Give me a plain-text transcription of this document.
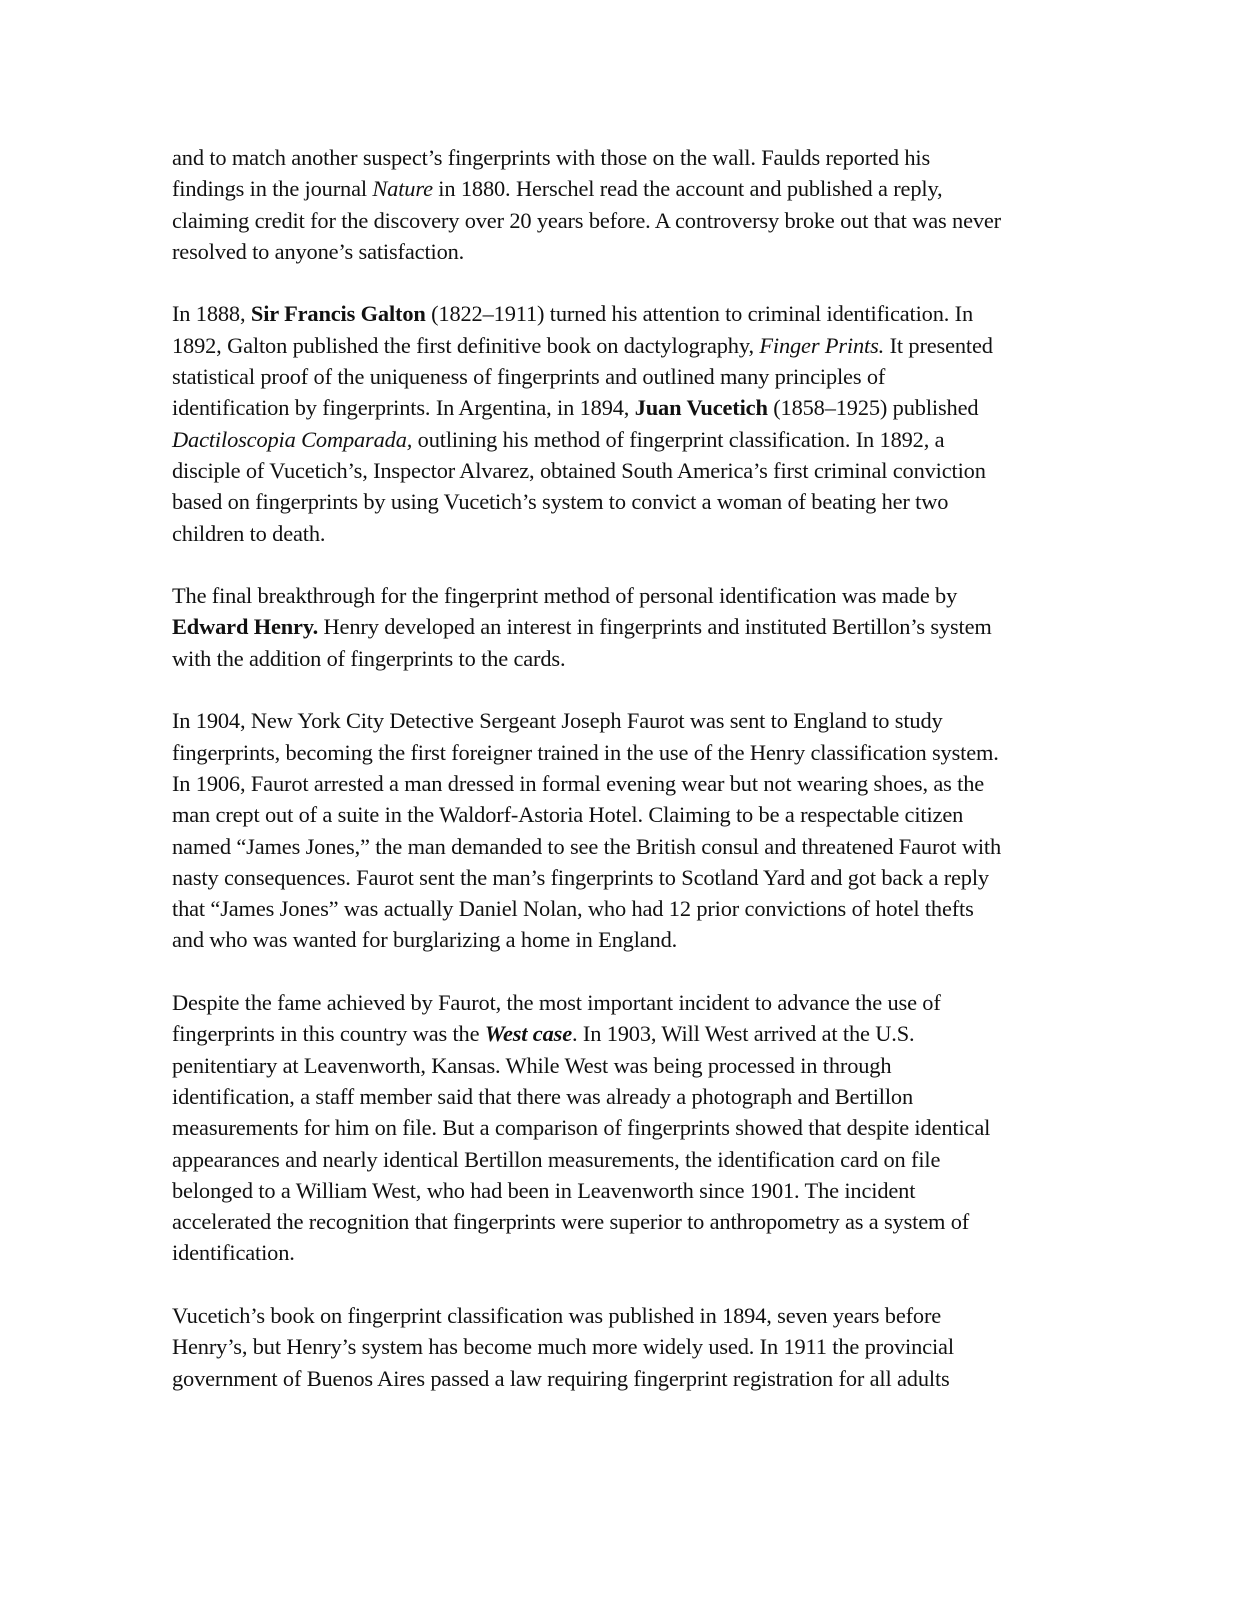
and to match another suspect’s fingerprints with those on the wall. Faulds reported his
findings in the journal Nature in 1880. Herschel read the account and published a reply,
claiming credit for the discovery over 20 years before. A controversy broke out that was never
resolved to anyone’s satisfaction.

In 1888, Sir Francis Galton (1822–1911) turned his attention to criminal identification. In
1892, Galton published the first definitive book on dactylography, Finger Prints. It presented
statistical proof of the uniqueness of fingerprints and outlined many principles of
identification by fingerprints. In Argentina, in 1894, Juan Vucetich (1858–1925) published
Dactiloscopia Comparada, outlining his method of fingerprint classification. In 1892, a
disciple of Vucetich’s, Inspector Alvarez, obtained South America’s first criminal conviction
based on fingerprints by using Vucetich’s system to convict a woman of beating her two
children to death.

The final breakthrough for the fingerprint method of personal identification was made by
Edward Henry. Henry developed an interest in fingerprints and instituted Bertillon’s system
with the addition of fingerprints to the cards.

In 1904, New York City Detective Sergeant Joseph Faurot was sent to England to study
fingerprints, becoming the first foreigner trained in the use of the Henry classification system.
In 1906, Faurot arrested a man dressed in formal evening wear but not wearing shoes, as the
man crept out of a suite in the Waldorf-Astoria Hotel. Claiming to be a respectable citizen
named “James Jones,” the man demanded to see the British consul and threatened Faurot with
nasty consequences. Faurot sent the man’s fingerprints to Scotland Yard and got back a reply
that “James Jones” was actually Daniel Nolan, who had 12 prior convictions of hotel thefts
and who was wanted for burglarizing a home in England.

Despite the fame achieved by Faurot, the most important incident to advance the use of
fingerprints in this country was the West case. In 1903, Will West arrived at the U.S.
penitentiary at Leavenworth, Kansas. While West was being processed in through
identification, a staff member said that there was already a photograph and Bertillon
measurements for him on file. But a comparison of fingerprints showed that despite identical
appearances and nearly identical Bertillon measurements, the identification card on file
belonged to a William West, who had been in Leavenworth since 1901. The incident
accelerated the recognition that fingerprints were superior to anthropometry as a system of
identification.

Vucetich’s book on fingerprint classification was published in 1894, seven years before
Henry’s, but Henry’s system has become much more widely used. In 1911 the provincial
government of Buenos Aires passed a law requiring fingerprint registration for all adults
